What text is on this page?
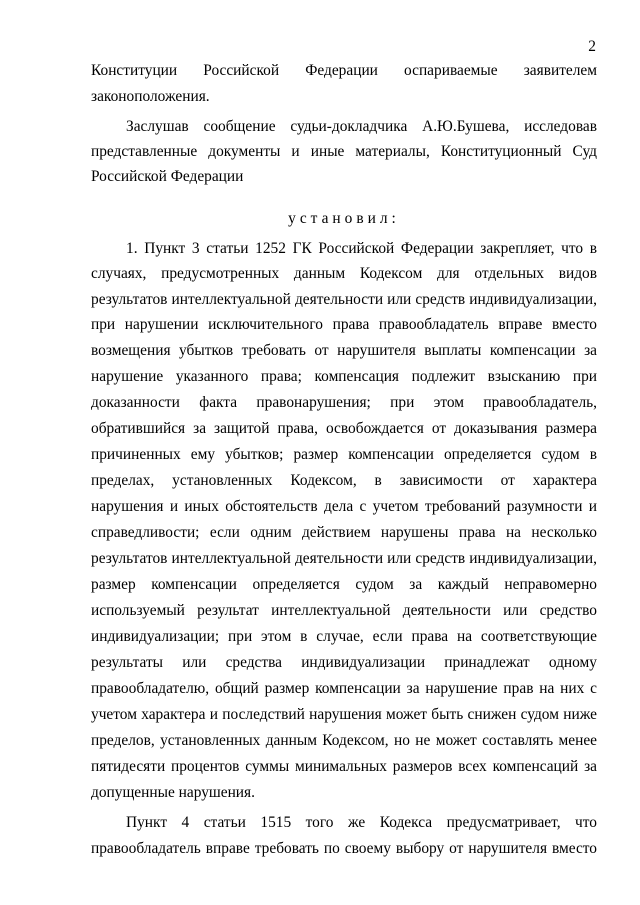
2
Конституции Российской Федерации оспариваемые заявителем
законоположения.
Заслушав сообщение судьи-докладчика А.Ю.Бушева, исследовав
представленные документы и иные материалы, Конституционный Суд
Российской Федерации
установил:
1. Пункт 3 статьи 1252 ГК Российской Федерации закрепляет, что в
случаях, предусмотренных данным Кодексом для отдельных видов
результатов интеллектуальной деятельности или средств индивидуализации,
при нарушении исключительного права правообладатель вправе вместо
возмещения убытков требовать от нарушителя выплаты компенсации за
нарушение указанного права; компенсация подлежит взысканию при
доказанности факта правонарушения; при этом правообладатель,
обратившийся за защитой права, освобождается от доказывания размера
причиненных ему убытков; размер компенсации определяется судом в
пределах, установленных Кодексом, в зависимости от характера
нарушения и иных обстоятельств дела с учетом требований разумности и
справедливости; если одним действием нарушены права на несколько
результатов интеллектуальной деятельности или средств индивидуализации,
размер компенсации определяется судом за каждый неправомерно
используемый результат интеллектуальной деятельности или средство
индивидуализации; при этом в случае, если права на соответствующие
результаты или средства индивидуализации принадлежат одному
правообладателю, общий размер компенсации за нарушение прав на них с
учетом характера и последствий нарушения может быть снижен судом ниже
пределов, установленных данным Кодексом, но не может составлять менее
пятидесяти процентов суммы минимальных размеров всех компенсаций за
допущенные нарушения.
Пункт 4 статьи 1515 того же Кодекса предусматривает, что
правообладатель вправе требовать по своему выбору от нарушителя вместо
